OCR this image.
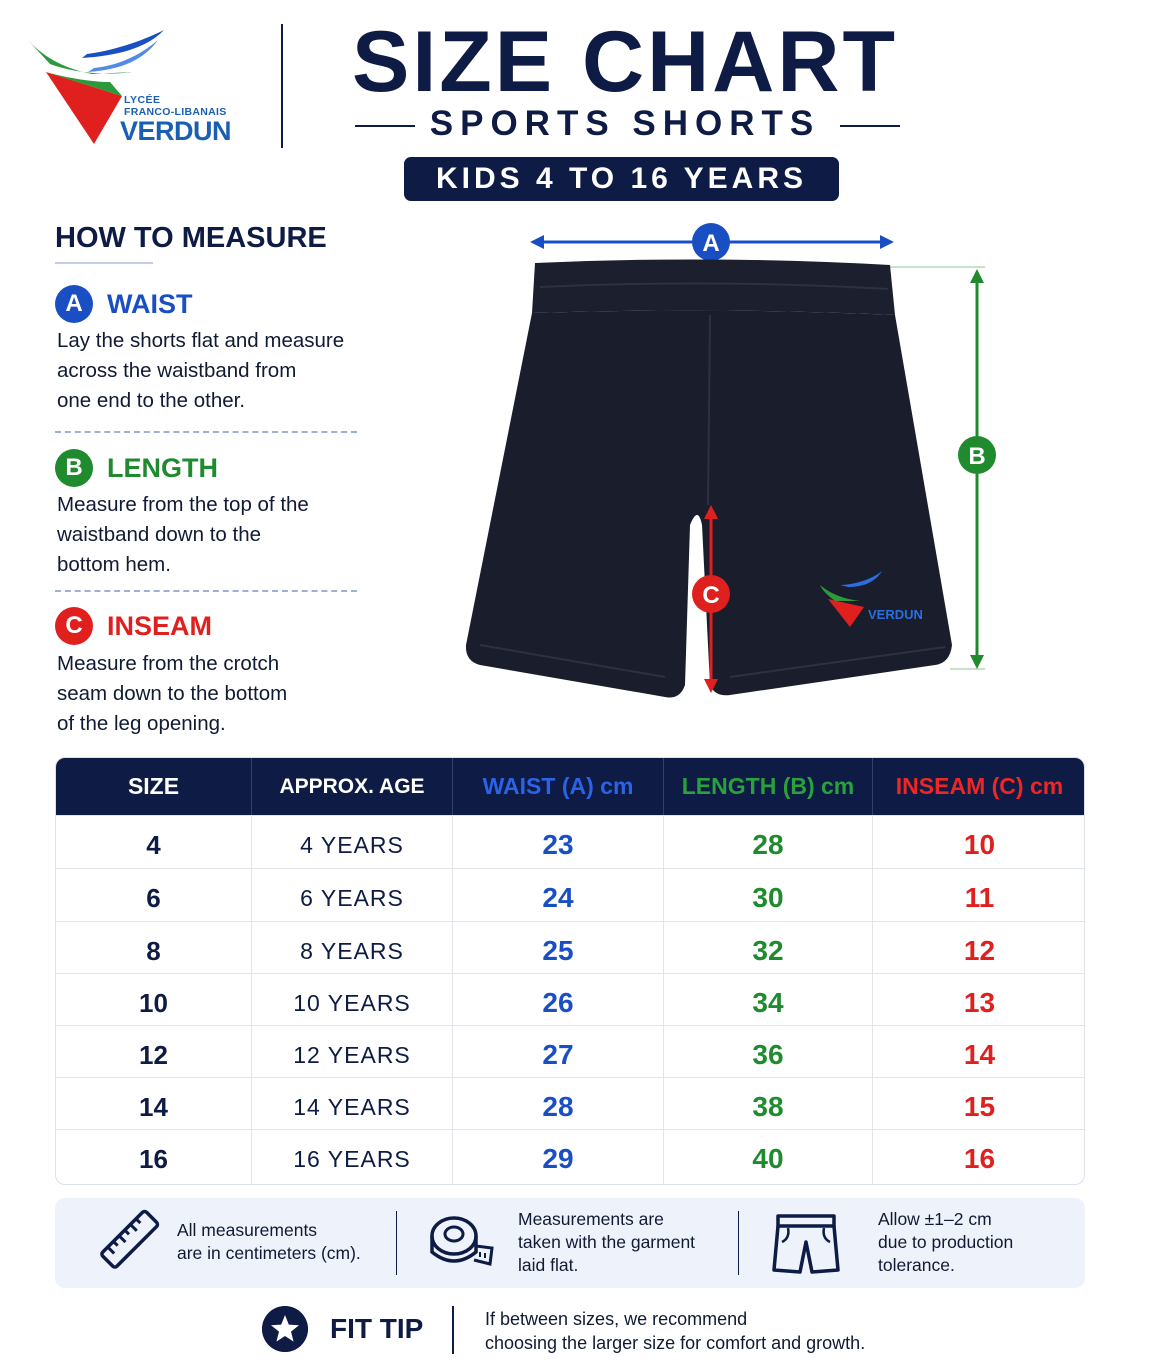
LYCÉE
FRANCO-LIBANAIS
VERDUN
SIZE CHART
SPORTS SHORTS
KIDS 4 TO 16 YEARS
HOW TO MEASURE
A WAIST
Lay the shorts flat and measure
across the waistband from
one end to the other.
B LENGTH
Measure from the top of the
waistband down to the
bottom hem.
C INSEAM
Measure from the crotch
seam down to the bottom
of the leg opening.
A
VERDUN
B
C
SIZE	APPROX. AGE	WAIST (A) cm	LENGTH (B) cm	INSEAM (C) cm
4	4 YEARS	23	28	10
6	6 YEARS	24	30	11
8	8 YEARS	25	32	12
10	10 YEARS	26	34	13
12	12 YEARS	27	36	14
14	14 YEARS	28	38	15
16	16 YEARS	29	40	16
All measurements
are in centimeters (cm).
Measurements are
taken with the garment
laid flat.
Allow ±1–2 cm
due to production
tolerance.
FIT TIP	If between sizes, we recommend
choosing the larger size for comfort and growth.
